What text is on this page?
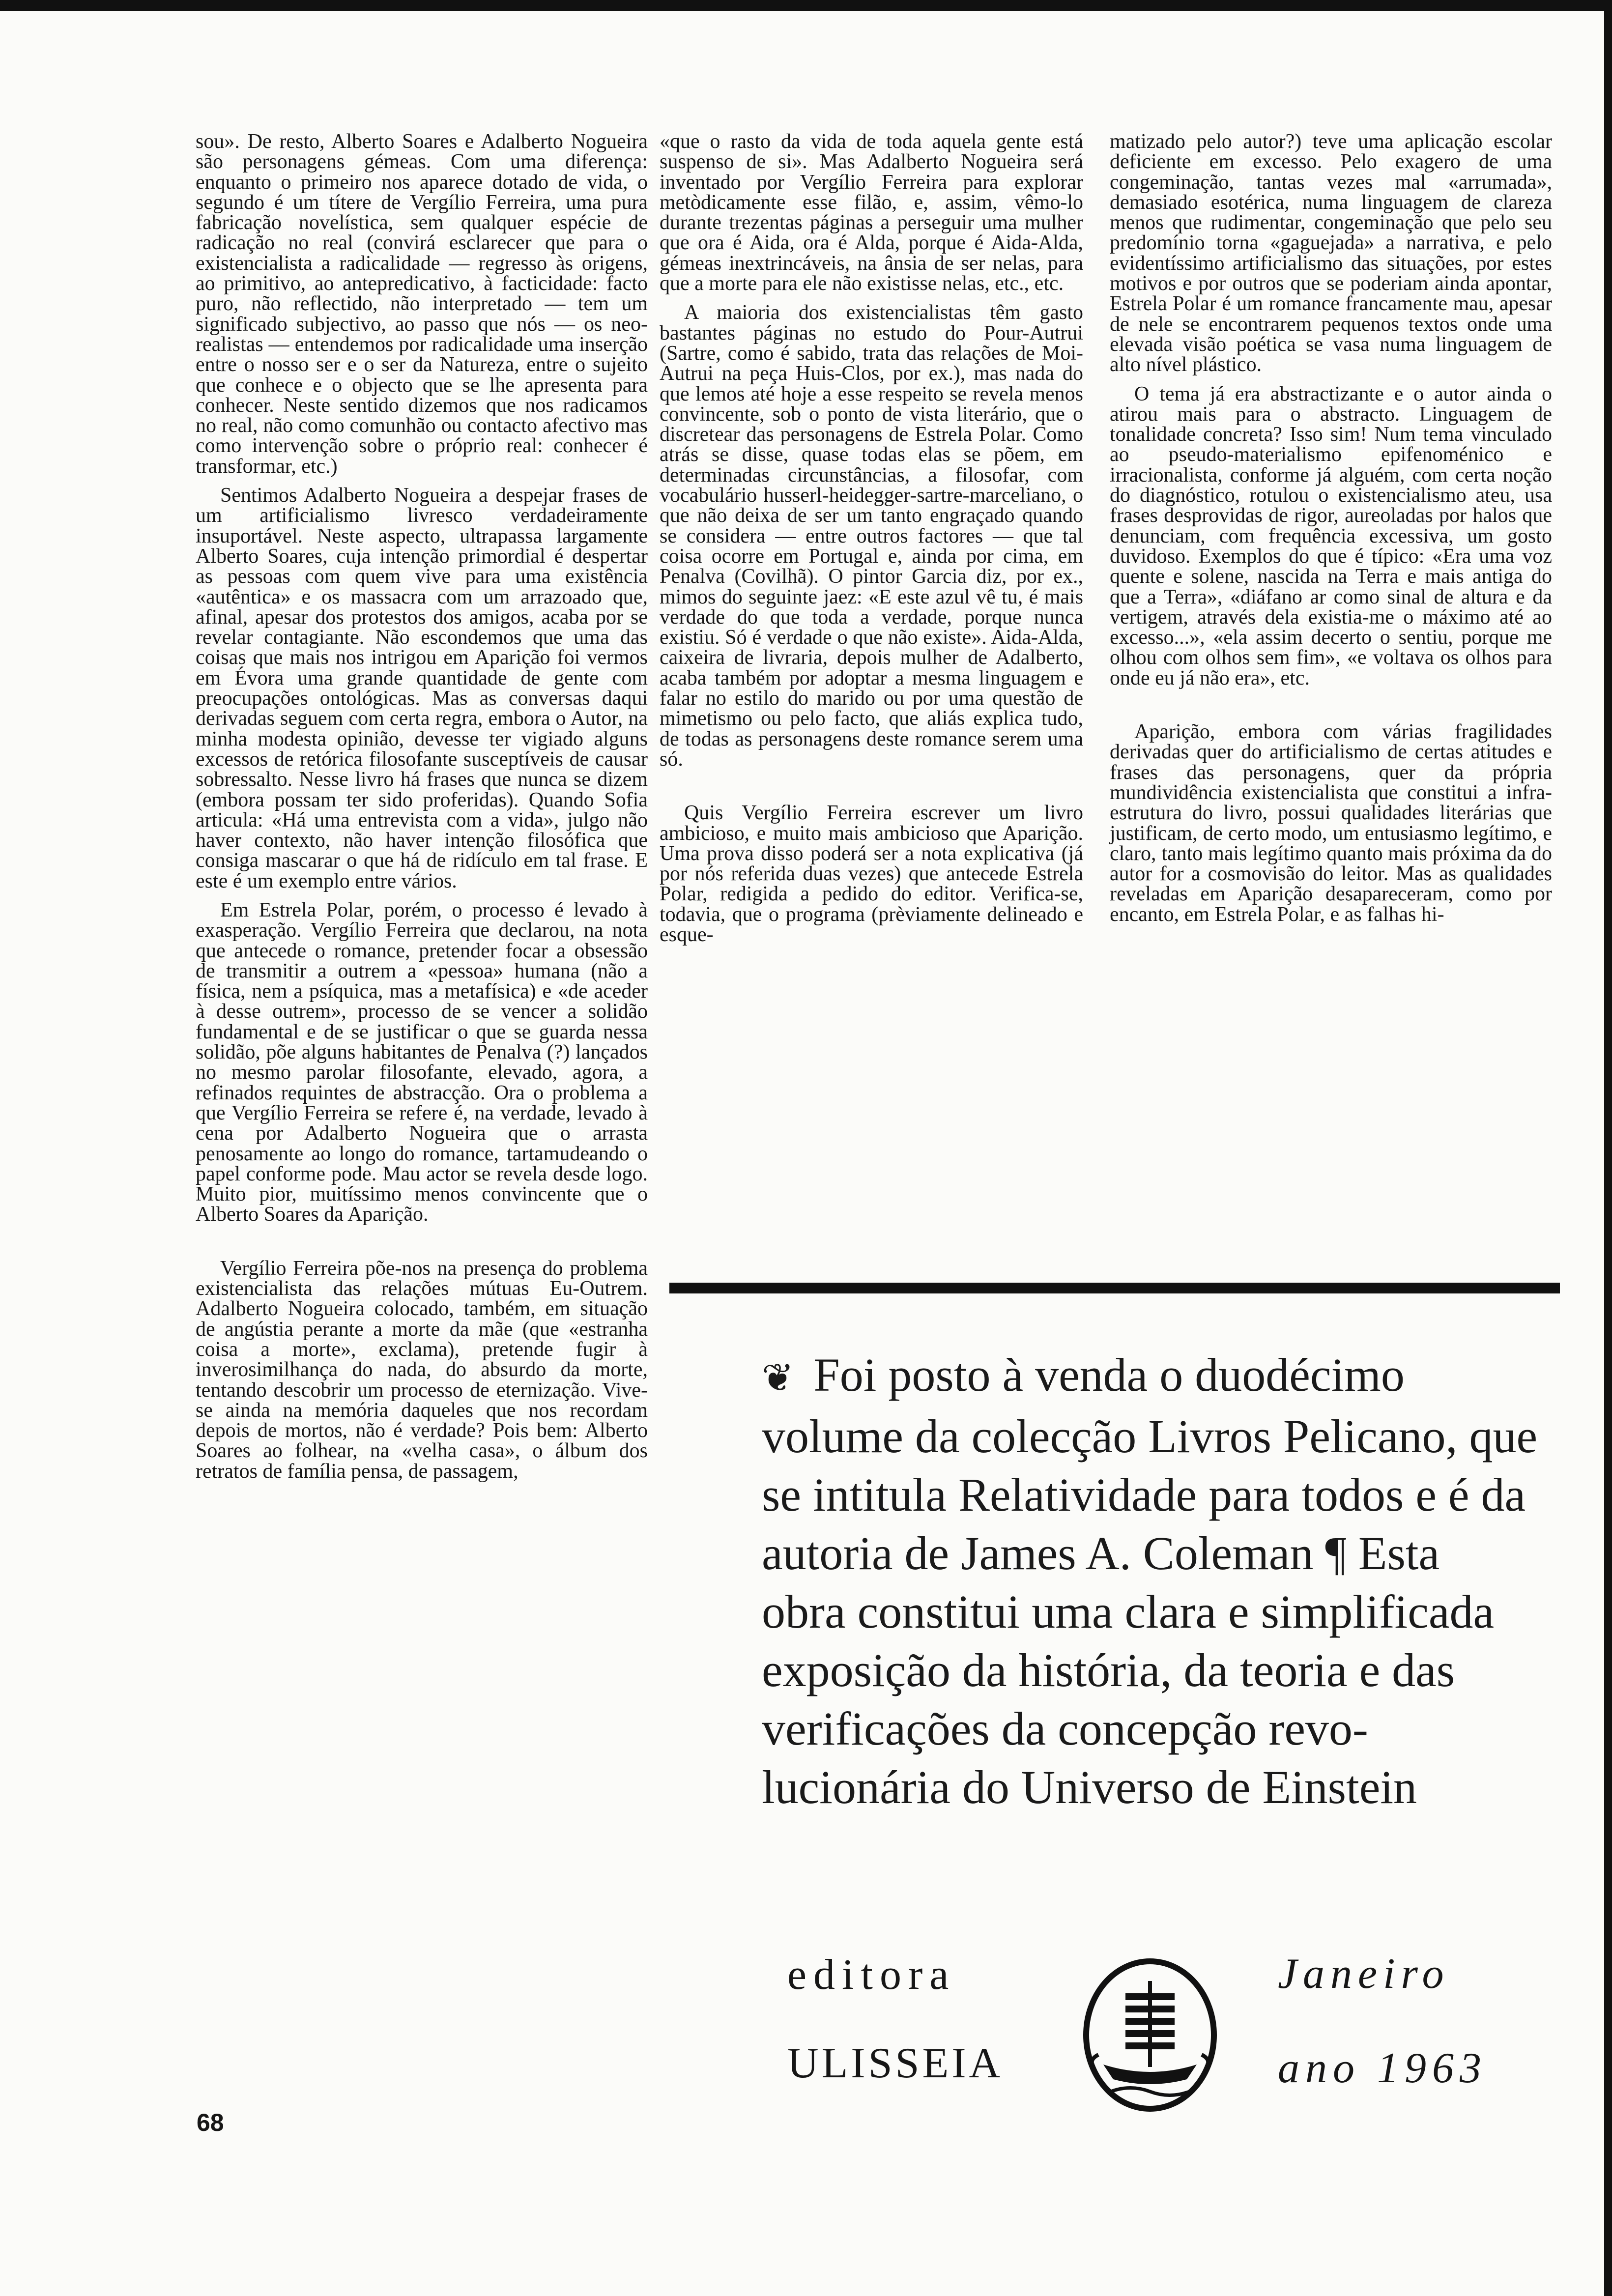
sou». De resto, Alberto Soares e Adalberto Nogueira são personagens gémeas. Com uma diferença: enquanto o primeiro nos aparece dotado de vida, o segundo é um títere de Vergílio Ferreira, uma pura fabricação novelística, sem qualquer espécie de radicação no real (convirá esclarecer que para o existencialista a radicalidade — regresso às origens, ao primitivo, ao antepredicativo, à facticidade: facto puro, não reflectido, não interpretado — tem um significado subjectivo, ao passo que nós — os neo-realistas — entendemos por radicalidade uma inserção entre o nosso ser e o ser da Natureza, entre o sujeito que conhece e o objecto que se lhe apresenta para conhecer. Neste sentido dizemos que nos radicamos no real, não como comunhão ou contacto afectivo mas como intervenção sobre o próprio real: conhecer é transformar, etc.)

Sentimos Adalberto Nogueira a despejar frases de um artificialismo livresco verdadeiramente insuportável. Neste aspecto, ultrapassa largamente Alberto Soares, cuja intenção primordial é despertar as pessoas com quem vive para uma existência «autêntica» e os massacra com um arrazoado que, afinal, apesar dos protestos dos amigos, acaba por se revelar contagiante. Não escondemos que uma das coisas que mais nos intrigou em Aparição foi vermos em Évora uma grande quantidade de gente com preocupações ontológicas. Mas as conversas daqui derivadas seguem com certa regra, embora o Autor, na minha modesta opinião, devesse ter vigiado alguns excessos de retórica filosofante susceptíveis de causar sobressalto. Nesse livro há frases que nunca se dizem (embora possam ter sido proferidas). Quando Sofia articula: «Há uma entrevista com a vida», julgo não haver contexto, não haver intenção filosófica que consiga mascarar o que há de ridículo em tal frase. E este é um exemplo entre vários.

Em Estrela Polar, porém, o processo é levado à exasperação. Vergílio Ferreira que declarou, na nota que antecede o romance, pretender focar a obsessão de transmitir a outrem a «pessoa» humana (não a física, nem a psíquica, mas a metafísica) e «de aceder à desse outrem», processo de se vencer a solidão fundamental e de se justificar o que se guarda nessa solidão, põe alguns habitantes de Penalva (?) lançados no mesmo parolar filosofante, elevado, agora, a refinados requintes de abstracção. Ora o problema a que Vergílio Ferreira se refere é, na verdade, levado à cena por Adalberto Nogueira que o arrasta penosamente ao longo do romance, tartamudeando o papel conforme pode. Mau actor se revela desde logo. Muito pior, muitíssimo menos convincente que o Alberto Soares da Aparição.

Vergílio Ferreira põe-nos na presença do problema existencialista das relações mútuas Eu-Outrem. Adalberto Nogueira colocado, também, em situação de angústia perante a morte da mãe (que «estranha coisa a morte», exclama), pretende fugir à inverosimilhança do nada, do absurdo da morte, tentando descobrir um processo de eternização. Vive-se ainda na memória daqueles que nos recordam depois de mortos, não é verdade? Pois bem: Alberto Soares ao folhear, na «velha casa», o álbum dos retratos de família pensa, de passagem,

«que o rasto da vida de toda aquela gente está suspenso de si». Mas Adalberto Nogueira será inventado por Vergílio Ferreira para explorar metòdicamente esse filão, e, assim, vêmo-lo durante trezentas páginas a perseguir uma mulher que ora é Aida, ora é Alda, porque é Aida-Alda, gémeas inextrincáveis, na ânsia de ser nelas, para que a morte para ele não existisse nelas, etc., etc.

A maioria dos existencialistas têm gasto bastantes páginas no estudo do Pour-Autrui (Sartre, como é sabido, trata das relações de Moi-Autrui na peça Huis-Clos, por ex.), mas nada do que lemos até hoje a esse respeito se revela menos convincente, sob o ponto de vista literário, que o discretear das personagens de Estrela Polar. Como atrás se disse, quase todas elas se põem, em determinadas circunstâncias, a filosofar, com vocabulário husserl-heidegger-sartre-marceliano, o que não deixa de ser um tanto engraçado quando se considera — entre outros factores — que tal coisa ocorre em Portugal e, ainda por cima, em Penalva (Covilhã). O pintor Garcia diz, por ex., mimos do seguinte jaez: «E este azul vê tu, é mais verdade do que toda a verdade, porque nunca existiu. Só é verdade o que não existe». Aida-Alda, caixeira de livraria, depois mulher de Adalberto, acaba também por adoptar a mesma linguagem e falar no estilo do marido ou por uma questão de mimetismo ou pelo facto, que aliás explica tudo, de todas as personagens deste romance serem uma só.

Quis Vergílio Ferreira escrever um livro ambicioso, e muito mais ambicioso que Aparição. Uma prova disso poderá ser a nota explicativa (já por nós referida duas vezes) que antecede Estrela Polar, redigida a pedido do editor. Verifica-se, todavia, que o programa (prèviamente delineado e esque-

matizado pelo autor?) teve uma aplicação escolar deficiente em excesso. Pelo exagero de uma congeminação, tantas vezes mal «arrumada», demasiado esotérica, numa linguagem de clareza menos que rudimentar, congeminação que pelo seu predomínio torna «gaguejada» a narrativa, e pelo evidentíssimo artificialismo das situações, por estes motivos e por outros que se poderiam ainda apontar, Estrela Polar é um romance francamente mau, apesar de nele se encontrarem pequenos textos onde uma elevada visão poética se vasa numa linguagem de alto nível plástico.

O tema já era abstractizante e o autor ainda o atirou mais para o abstracto. Linguagem de tonalidade concreta? Isso sim! Num tema vinculado ao pseudo-materialismo epifenoménico e irracionalista, conforme já alguém, com certa noção do diagnóstico, rotulou o existencialismo ateu, usa frases desprovidas de rigor, aureoladas por halos que denunciam, com frequência excessiva, um gosto duvidoso. Exemplos do que é típico: «Era uma voz quente e solene, nascida na Terra e mais antiga do que a Terra», «diáfano ar como sinal de altura e da vertigem, através dela existia-me o máximo até ao excesso...», «ela assim decerto o sentiu, porque me olhou com olhos sem fim», «e voltava os olhos para onde eu já não era», etc.

Aparição, embora com várias fragilidades derivadas quer do artificialismo de certas atitudes e frases das personagens, quer da própria mundividência existencialista que constitui a infra-estrutura do livro, possui qualidades literárias que justificam, de certo modo, um entusiasmo legítimo, e claro, tanto mais legítimo quanto mais próxima da do autor for a cosmovisão do leitor. Mas as qualidades reveladas em Aparição desapareceram, como por encanto, em Estrela Polar, e as falhas hi-

68
❦ Foi posto à venda o duodécimo
volume da colecção Livros Pelicano, que
se intitula Relatividade para todos e é da
autoria de James A. Coleman ¶ Esta
obra constitui uma clara e simplificada
exposição da história, da teoria e das
verificações da concepção revo-
lucionária do Universo de Einstein
editora
ULISSEIA
Janeiro
ano 1963
